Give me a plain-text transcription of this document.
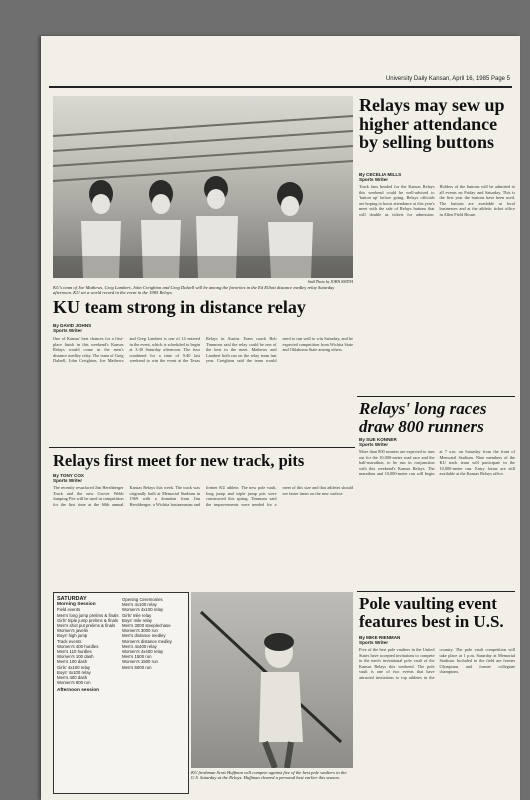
University Daily Kansan, April 16, 1985 Page 5
Staff Photo by JOHN SMITH
KU's team of Joe Mathews, Greg Lambert, John Creighton and Greg Dalzell will be among the favorites in the Ed Elliott distance medley relay Saturday afternoon. KU set a world record in the event in the 1985 Relays.
KU team strong in distance relay
By DAVID JOHNS
Sports Writer
One of Kansas' best chances for a first-place finish in this weekend's Kansas Relays would come in the men's distance medley relay. The team of Greg Dalzell, John Creighton, Joe Mathews and Greg Lambert is one of 14 entered in the event, which is scheduled to begin at 3:30 Saturday afternoon. The four combined for a time of 9:40 last weekend to win the event at the Texas Relays in Austin. Team coach Bob Timmons said the relay could be one of the best in the meet. Mathews and Lambert both ran on the relay team last year. Creighton said the team would need to run well to win Saturday, and he expected competition from Wichita State and Oklahoma State among others.
Relays may sew up higher attendance by selling buttons
By CECELIA MILLS
Sports Writer
Track fans headed for the Kansas Relays this weekend could be well-advised to 'button up' before going. Relays officials are hoping to boost attendance at this year's meet with the sale of Relays buttons that will double as tickets for admission. Holders of the buttons will be admitted to all events on Friday and Saturday. This is the first year the buttons have been used. The buttons are available at local businesses and at the athletic ticket office in Allen Field House.
Relays' long races draw 800 runners
By SUE KONNER
Sports Writer
More than 800 runners are expected to turn out for the 10,000-meter road race and the half-marathon, to be run in conjunction with this weekend's Kansas Relays. The marathon and 10,000-meter run will begin at 7 a.m. on Saturday from the front of Memorial Stadium. Nine members of the KU track team will participate in the 10,000-meter run. Entry forms are still available at the Kansas Relays office.
Relays first meet for new track, pits
By TONY COX
Sports Writer
The recently resurfaced Jim Hershberger Track and the new Grover Webb Jumping Pits will be used in competition for the first time at the 60th annual Kansas Relays this week. The track was originally built at Memorial Stadium in 1969 with a donation from Jim Hershberger, a Wichita businessman and former KU athlete. The new pole vault, long jump and triple jump pits were constructed this spring. Timmons said the improvements were needed for a meet of this size and that athletes should see faster times on the new surface.
SATURDAY
Morning Session
Field events
Men's long jump prelims & finals
Girls' triple jump prelims & finals
Men's shot put prelims & finals
Women's javelin
Boys' high jump
Track events
Women's 400 hurdles
Men's 110 hurdles
Women's 100 dash
Men's 100 dash
Girls' 4x100 relay
Boys' 4x100 relay
Men's 400 dash
Women's 800 run
Afternoon session
Opening Ceremonies
Men's 4x100 relay
Women's 4x100 relay
Girls' mile relay
Boys' mile relay
Men's 3000 steeplechase
Women's 3000 run
Men's distance medley
Women's distance medley
Men's 4x400 relay
Women's 4x400 relay
Men's 1500 run
Women's 1500 run
Men's 5000 run
KU freshman Scott Huffman will compete against five of the best pole vaulters in the U.S. Saturday at the Relays. Huffman cleared a personal best earlier this season.
Pole vaulting event features best in U.S.
By MIKE RIENMAN
Sports Writer
Five of the best pole vaulters in the United States have accepted invitations to compete in the men's invitational pole vault of the Kansas Relays this weekend. The pole vault is one of two events that have attracted invitations to top athletes in the country. The pole vault competition will take place at 1 p.m. Saturday at Memorial Stadium. Included in the field are former Olympians and former collegiate champions.
